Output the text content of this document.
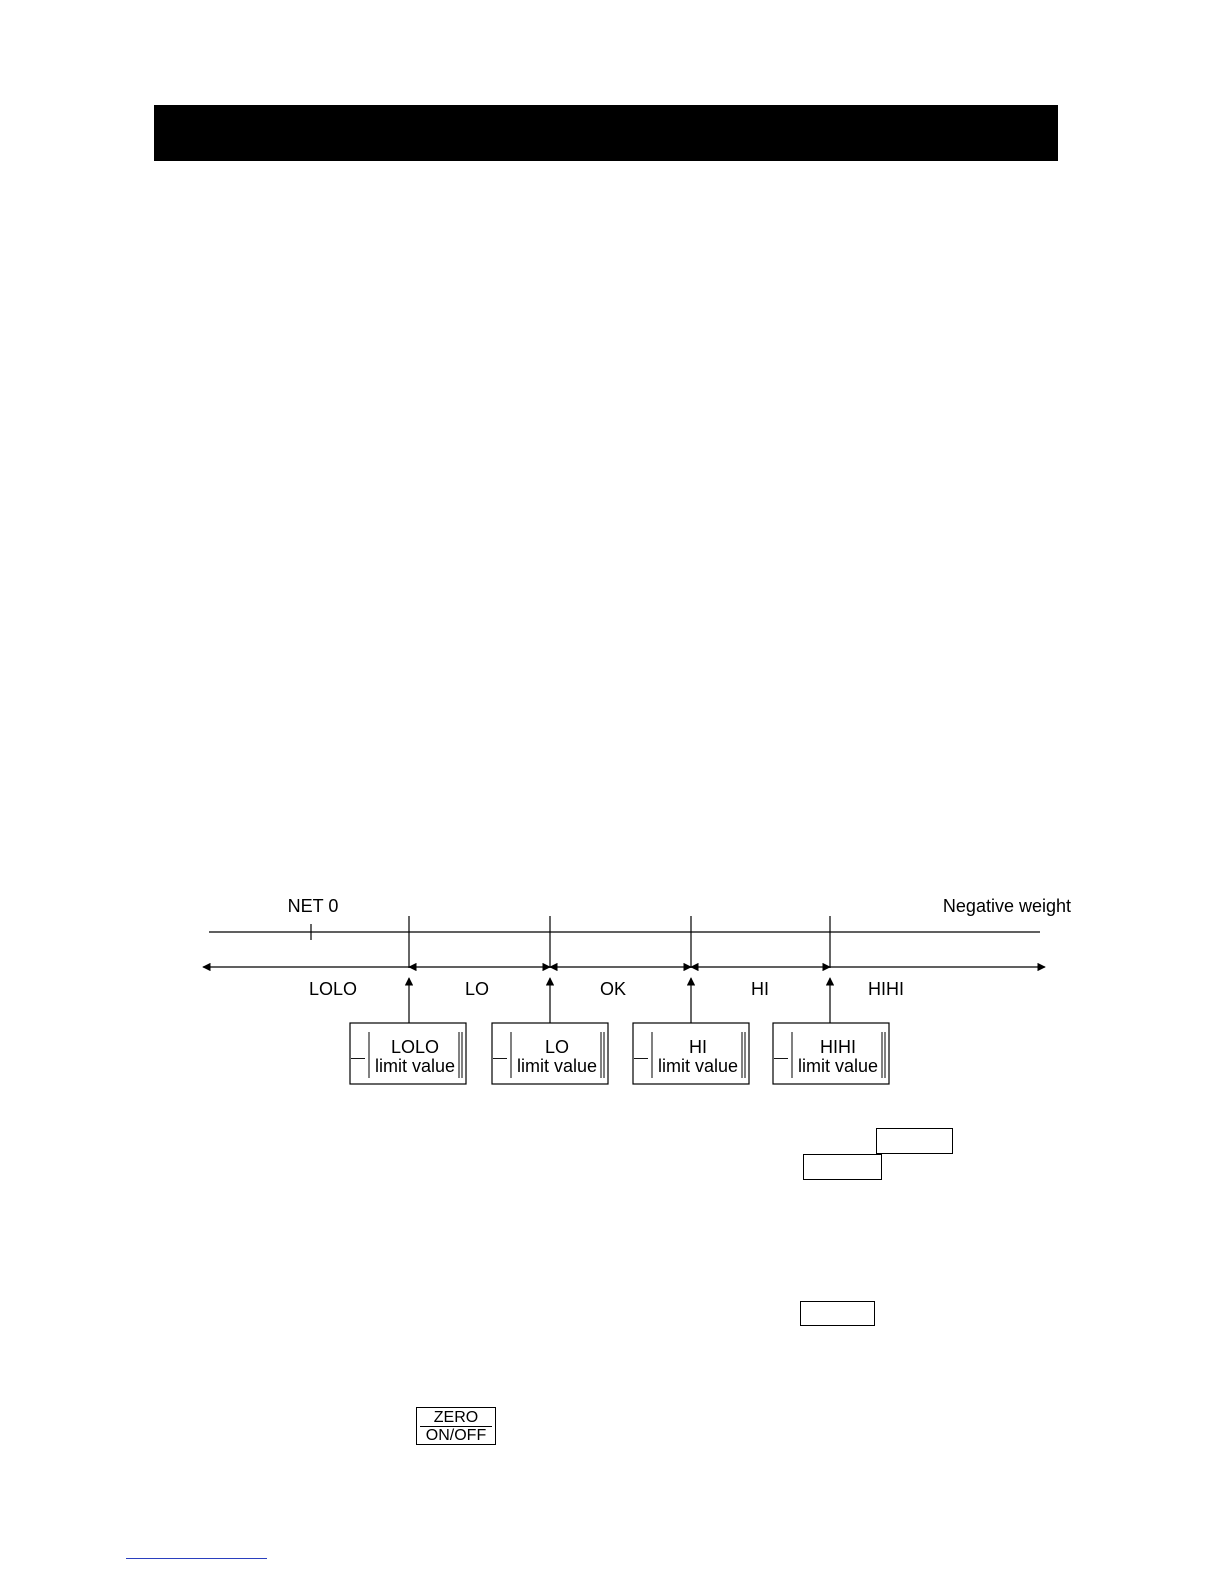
NET 0	Negative weight
LOLO	LO	OK	HI	HIHI
— LOLO
limit value	— LO
limit value	— HI
limit value	— HIHI
limit value
ZERO
ON/OFF
